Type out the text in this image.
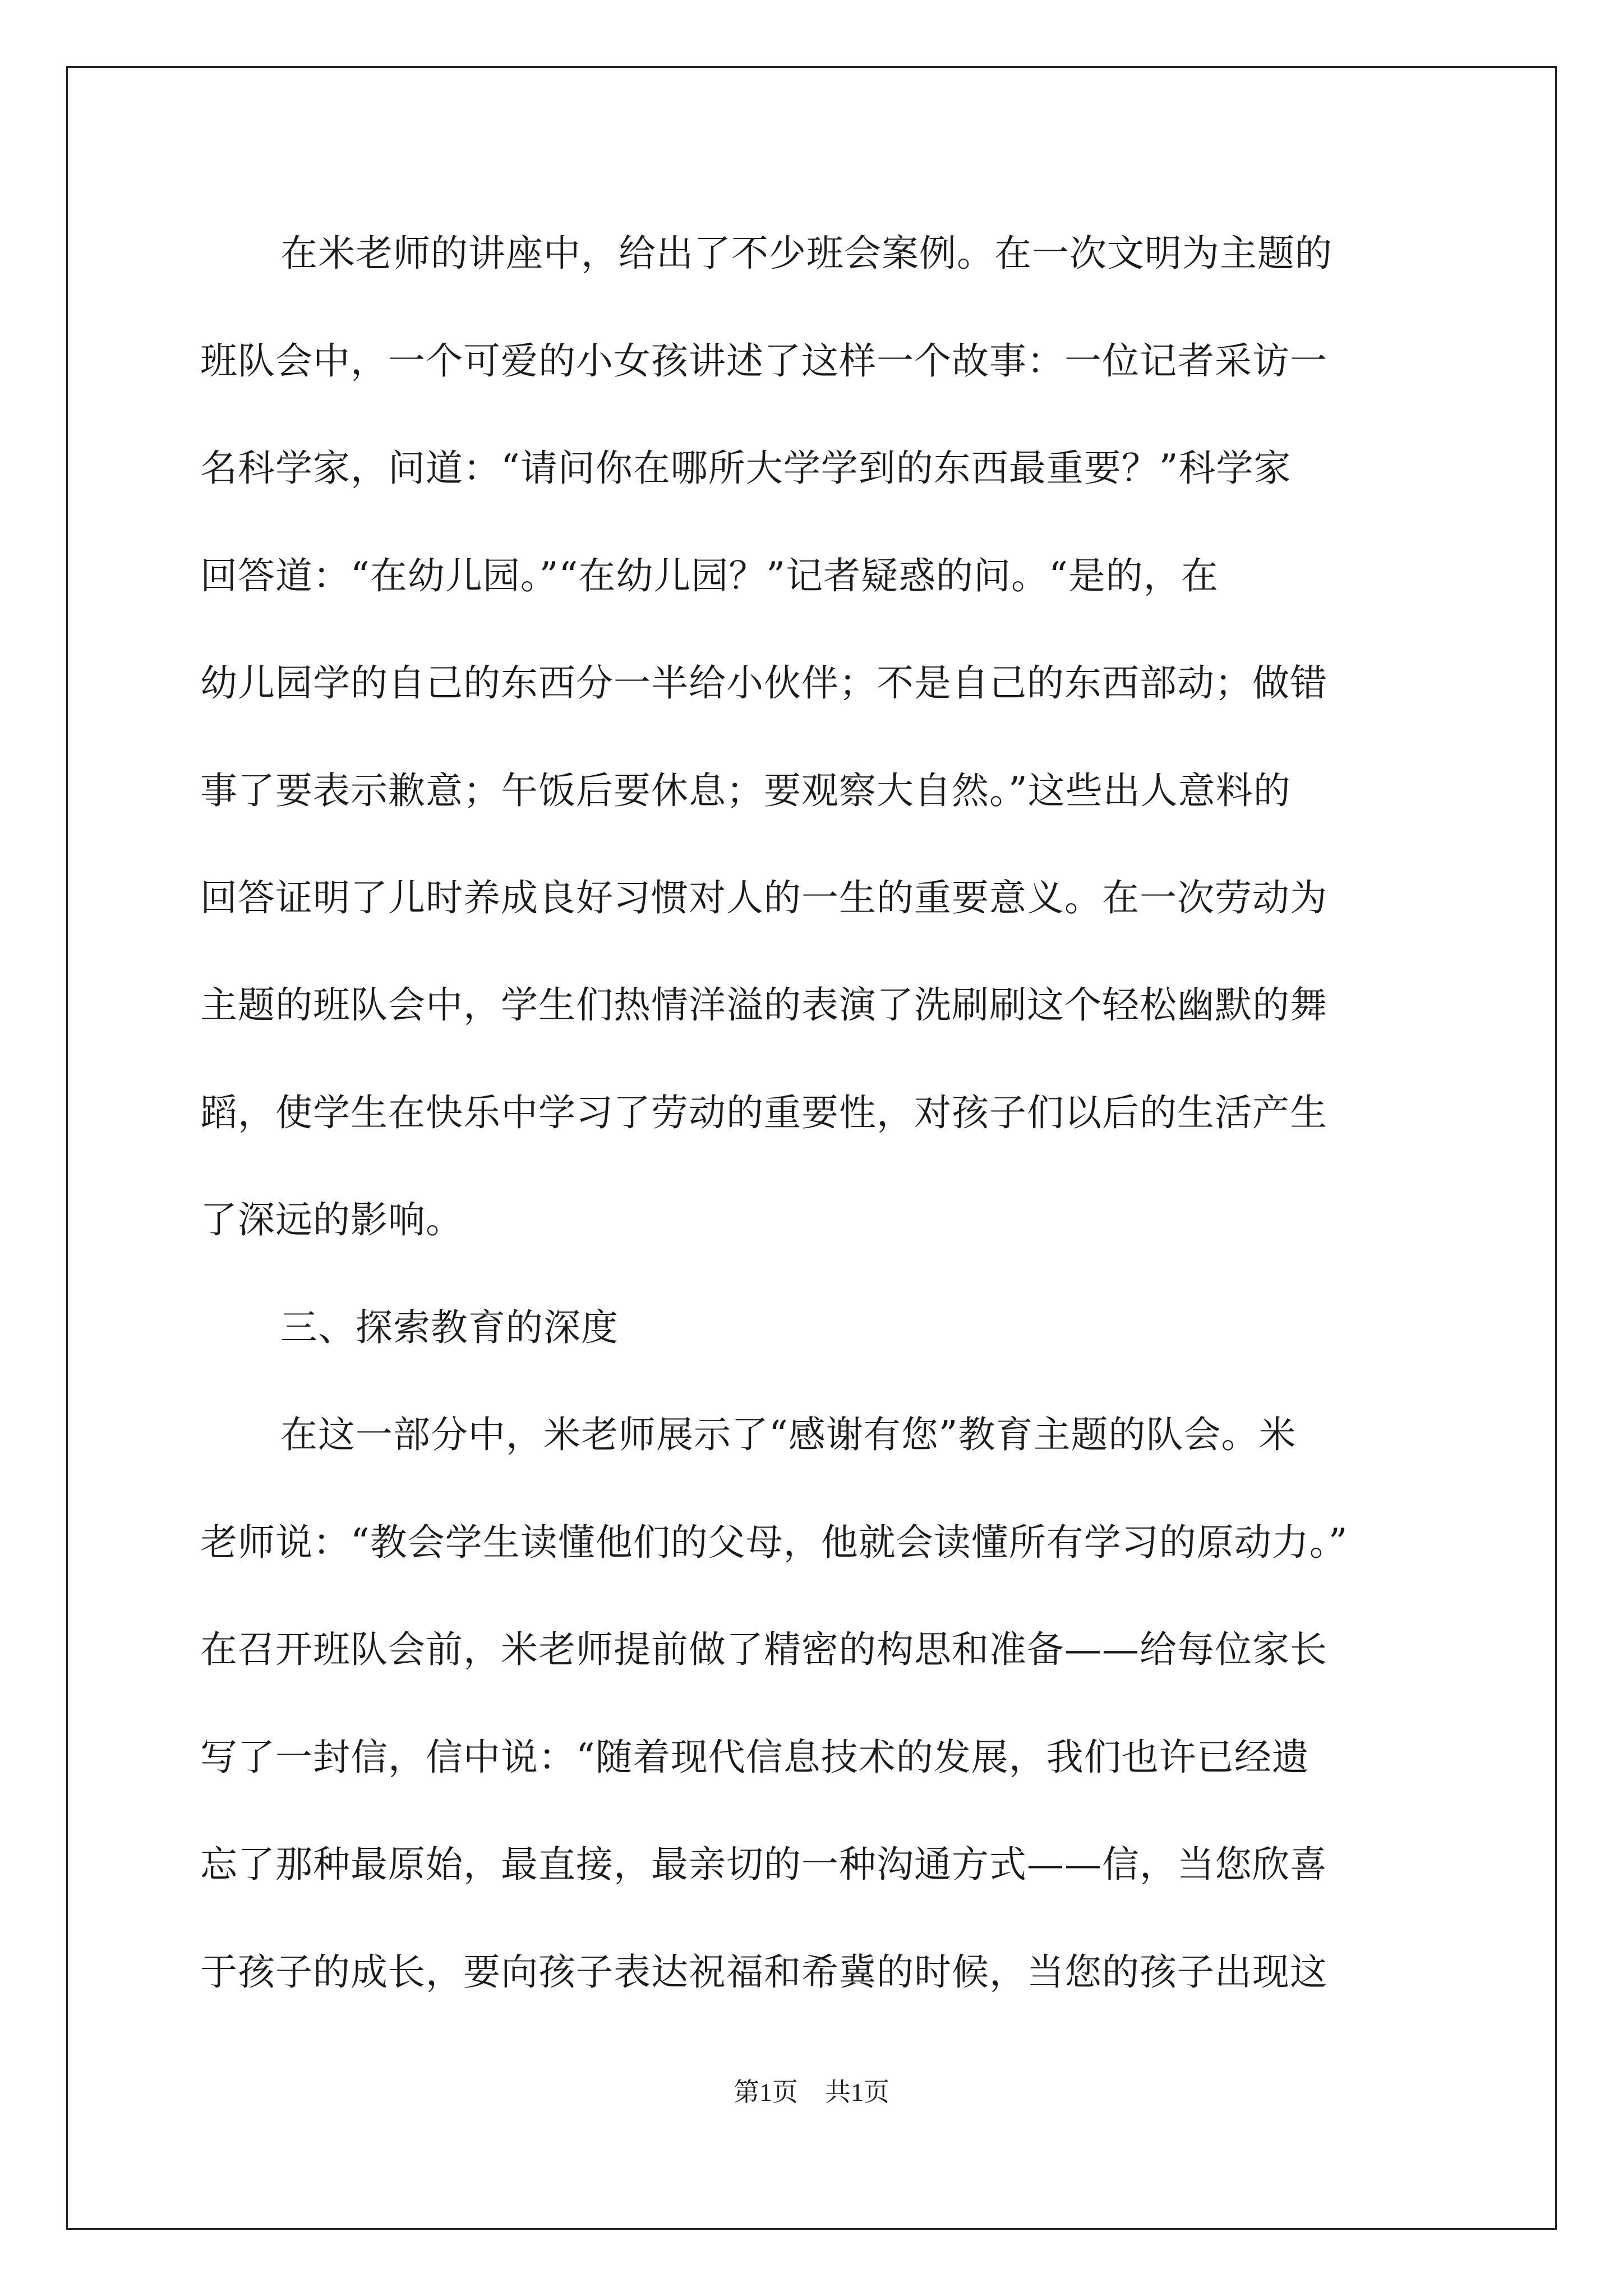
在米老师的讲座中，给出了不少班会案例。在一次文明为主题的
班队会中，一个可爱的小女孩讲述了这样一个故事：一位记者采访一
名科学家，问道：“请问你在哪所大学学到的东西最重要？”科学家
回答道：“在幼儿园。”“在幼儿园？”记者疑惑的问。“是的，在
幼儿园学的自己的东西分一半给小伙伴；不是自己的东西部动；做错
事了要表示歉意；午饭后要休息；要观察大自然。”这些出人意料的
回答证明了儿时养成良好习惯对人的一生的重要意义。在一次劳动为
主题的班队会中，学生们热情洋溢的表演了洗刷刷这个轻松幽默的舞
蹈，使学生在快乐中学习了劳动的重要性，对孩子们以后的生活产生
了深远的影响。
三、探索教育的深度
在这一部分中，米老师展示了“感谢有您”教育主题的队会。米
老师说：“教会学生读懂他们的父母，他就会读懂所有学习的原动力。”
在召开班队会前，米老师提前做了精密的构思和准备——给每位家长
写了一封信，信中说：“随着现代信息技术的发展，我们也许已经遗
忘了那种最原始，最直接，最亲切的一种沟通方式——信，当您欣喜
于孩子的成长，要向孩子表达祝福和希冀的时候，当您的孩子出现这
第1页 共1页
